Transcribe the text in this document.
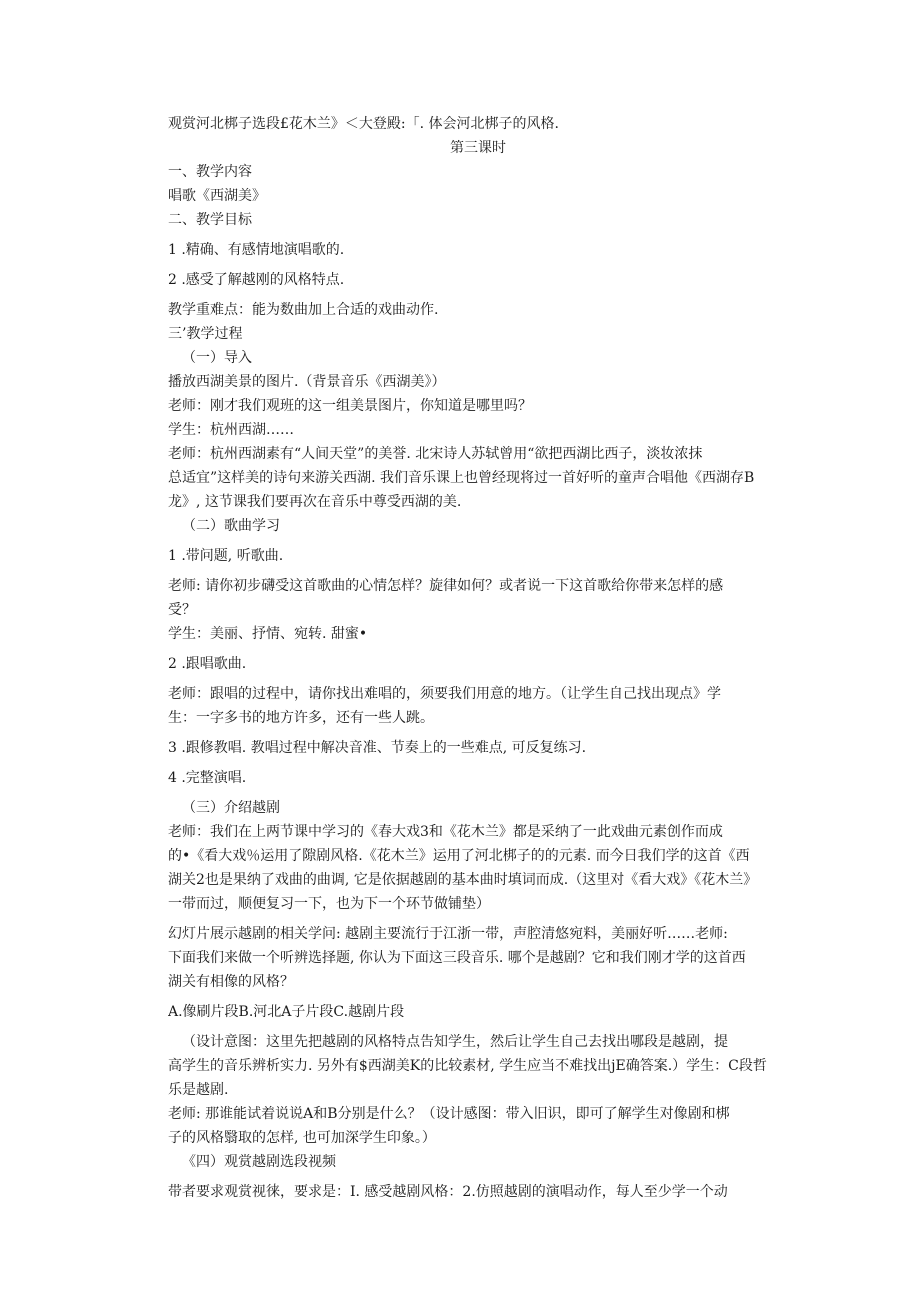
观赏河北梆子选段£花木兰》＜大登殿:「. 体会河北梆子的风格.

第三课时

一、教学内容

唱歌《西湖美》

二、教学目标

1 .精确、有感情地演唱歌的.

2 .感受了解越刚的风格特点.

教学重难点：能为数曲加上合适的戏曲动作.

三’教学过程

（一）导入

播放西湖美景的图片.（背景音乐《西湖美》）

老师：刚才我们观班的这一组美景图片，你知道是哪里吗？

学生：杭州西湖……

老师：杭州西湖素有“人间天堂”的美誉. 北宋诗人苏轼曾用“欲把西湖比西子，淡妆浓抹

总适宜”这样美的诗句来游关西湖. 我们音乐课上也曾经现将过一首好听的童声合唱他《西湖存B

龙》, 这节课我们要再次在音乐中尊受西湖的美.

（二）歌曲学习

1 .带问题, 听歌曲.

老师: 请你初步礴受这首歌曲的心情怎样？旋律如何？或者说一下这首歌给你带来怎样的感

受？

学生：美丽、抒情、宛转. 甜蜜•

2 .跟唱歌曲.

老师：跟唱的过程中，请你找出难唱的，须要我们用意的地方。（让学生自己找出现点》学

生：一字多书的地方许多，还有一些人跳。

3 .跟修教唱. 教唱过程中解决音准、节奏上的一些难点, 可反复练习.

4 .完整演唱.

（三）介绍越剧

老师：我们在上两节课中学习的《春大戏3和《花木兰》都是采纳了一此戏曲元素创作而成

的•《看大戏％运用了隙剧风格.《花木兰》运用了河北梆子的的元素. 而今日我们学的这首《西

湖关2也是果纳了戏曲的曲调, 它是依据越剧的基本曲时填词而成.（这里对《看大戏》《花木兰》

一带而过，顺便复习一下，也为下一个环节做铺垫）

幻灯片展示越剧的相关学问: 越剧主要流行于江浙一带，声腔清悠宛料，美丽好听……老师:

下面我们来做一个听辨选择题, 你认为下面这三段音乐. 哪个是越剧？它和我们刚才学的这首西

湖关有相像的风格？

A.像刷片段B.河北A子片段C.越剧片段

（设计意图：这里先把越剧的风格特点告知学生，然后让学生自己去找出哪段是越剧，提

高学生的音乐辨析实力. 另外有$西湖美K的比较素材, 学生应当不难找出jE确答案.）学生：C段哲

乐是越剧.

老师: 那谁能试着说说A和B分别是什么？（设计感图：带入旧识，即可了解学生对像剧和梆

子的风格翳取的怎样, 也可加深学生印象。）

《四）观赏越剧选段视频

带者要求观赏视徕，要求是：I. 感受越剧风格：2.仿照越剧的演唱动作，每人至少学一个动
